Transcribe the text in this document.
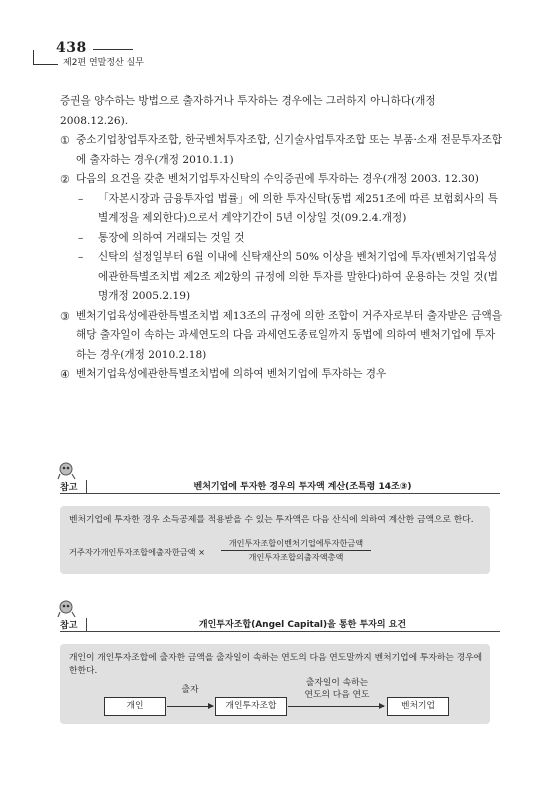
438
제2편 연말정산 실무

증권을 양수하는 방법으로 출자하거나 투자하는 경우에는 그러하지 아니하다(개정 2008.12.26).

① 중소기업창업투자조합, 한국벤처투자조합, 신기술사업투자조합 또는 부품·소재 전문투자조합에 출자하는 경우(개정 2010.1.1)
② 다음의 요건을 갖춘 벤처기업투자신탁의 수익증권에 투자하는 경우(개정 2003. 12.30)
– 「자본시장과 금융투자업 법률」에 의한 투자신탁(동법 제251조에 따른 보험회사의 특별계정을 제외한다)으로서 계약기간이 5년 이상일 것(09.2.4.개정)
– 통장에 의하여 거래되는 것일 것
– 신탁의 설정일부터 6월 이내에 신탁재산의 50% 이상을 벤처기업에 투자(벤처기업육성에관한특별조치법 제2조 제2항의 규정에 의한 투자를 말한다)하여 운용하는 것일 것(법명개정 2005.2.19)
③ 벤처기업육성에관한특별조치법 제13조의 규정에 의한 조합이 거주자로부터 출자받은 금액을 해당 출자일이 속하는 과세연도의 다음 과세연도종료일까지 동법에 의하여 벤처기업에 투자하는 경우(개정 2010.2.18)
④ 벤처기업육성에관한특별조치법에 의하여 벤처기업에 투자하는 경우
참고	벤처기업에 투자한 경우의 투자액 계산(조특령 14조③)

벤처기업에 투자한 경우 소득공제를 적용받을 수 있는 투자액은 다음 산식에 의하여 계산한 금액으로 한다.

거주자가개인투자조합에출자한금액 ×
개인투자조합이벤처기업에투자한금액
개인투자조합의출자액총액
참고	개인투자조합(Angel Capital)을 통한 투자의 요건

개인이 개인투자조합에 출자한 금액을 출자일이 속하는 연도의 다음 연도말까지 벤처기업에 투자하는 경우에 한한다.

출자
개인	개인투자조합
출자일이 속하는
연도의 다음 연도
벤처기업
